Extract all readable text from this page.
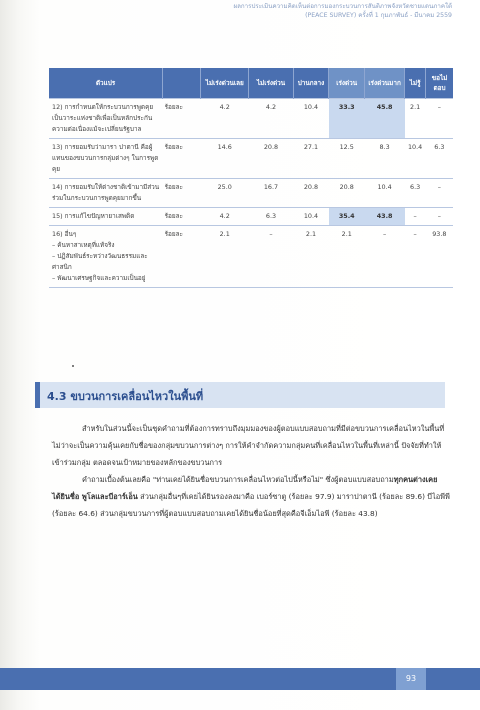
ผลการประเมินความคิดเห็นต่อการมองกระบวนการสันติภาพจังหวัดชายแดนภาคใต้
(PEACE SURVEY) ครั้งที่ 1 กุมภาพันธ์ - มีนาคม 2559
ตัวแปร		ไม่เร่งด่วนเลย	ไม่เร่งด่วน	ปานกลาง	เร่งด่วน	เร่งด่วนมาก	ไม่รู้	ขอไม่ตอบ
12) การกำหนดให้กระบวนการพูดคุยเป็นวาระแห่งชาติเพื่อเป็นหลักประกันความต่อเนื่องแม้จะเปลี่ยนรัฐบาล	ร้อยละ	4.2	4.2	10.4	33.3	45.8	2.1	–
13) การยอมรับว่ามารา ปาตานี คือผู้แทนของขบวนการกลุ่มต่างๆ ในการพูดคุย	ร้อยละ	14.6	20.8	27.1	12.5	8.3	10.4	6.3
14) การยอมรับให้ต่างชาติเข้ามามีส่วนร่วมในกระบวนการพูดคุยมากขึ้น	ร้อยละ	25.0	16.7	20.8	20.8	10.4	6.3	–
15) การแก้ไขปัญหายาเสพติด	ร้อยละ	4.2	6.3	10.4	35.4	43.8	–	–
16) อื่นๆ
– ค้นหาสาเหตุที่แท้จริง
– ปฏิสัมพันธ์ระหว่างวัฒนธรรมและศาสนิก
– พัฒนาเศรษฐกิจและความเป็นอยู่	ร้อยละ	2.1	–	2.1	2.1	–	–	93.8
4.3 ขบวนการเคลื่อนไหวในพื้นที่

สำหรับในส่วนนี้จะเป็นชุดคำถามที่ต้องการทราบถึงมุมมองของผู้ตอบแบบสอบถามที่มีต่อขบวนการเคลื่อนไหวในพื้นที่ ไม่ว่าจะเป็นความคุ้นเคยกับชื่อของกลุ่มขบวนการต่างๆ การให้คำจำกัดความกลุ่มคนที่เคลื่อนไหวในพื้นที่เหล่านี้ ปัจจัยที่ทำให้เข้าร่วมกลุ่ม ตลอดจนเป้าหมายของหลักของขบวนการ

คำถามเบื้องต้นเลยคือ "ท่านเคยได้ยินชื่อขบวนการเคลื่อนไหวต่อไปนี้หรือไม่" ซึ่งผู้ตอบแบบสอบถามทุกคนต่างเคยได้ยินชื่อ พูโลและบีอาร์เอ็น ส่วนกลุ่มอื่นๆที่เคยได้ยินรองลงมาคือ เบอร์ซาตู (ร้อยละ 97.9) มาราปาตานี (ร้อยละ 89.6) บีไอพีพี (ร้อยละ 64.6) ส่วนกลุ่มขบวนการที่ผู้ตอบแบบสอบถามเคยได้ยินชื่อน้อยที่สุดคือจีเอ็มไอพี (ร้อยละ 43.8)

93
